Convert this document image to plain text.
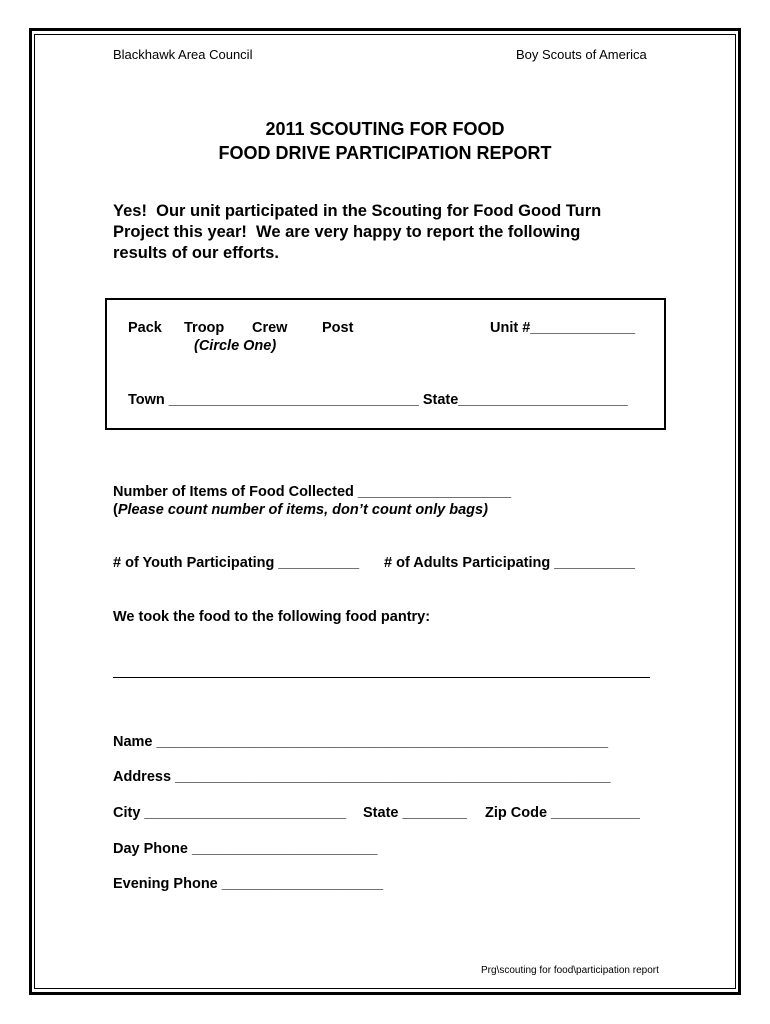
Blackhawk Area Council	Boy Scouts of America
2011 SCOUTING FOR FOOD
FOOD DRIVE PARTICIPATION REPORT
Yes!  Our unit participated in the Scouting for Food Good Turn
Project this year!  We are very happy to report the following
results of our efforts.
Pack Troop Crew Post	Unit #_____________
(Circle One)
Town _______________________________ State_____________________
Number of Items of Food Collected ___________________
(Please count number of items, don’t count only bags)
# of Youth Participating __________ # of Adults Participating __________
We took the food to the following food pantry:
Name ________________________________________________________
Address ______________________________________________________
City _________________________ State ________ Zip Code ___________
Day Phone _______________________
Evening Phone ____________________
Prg\scouting for food\participation report
